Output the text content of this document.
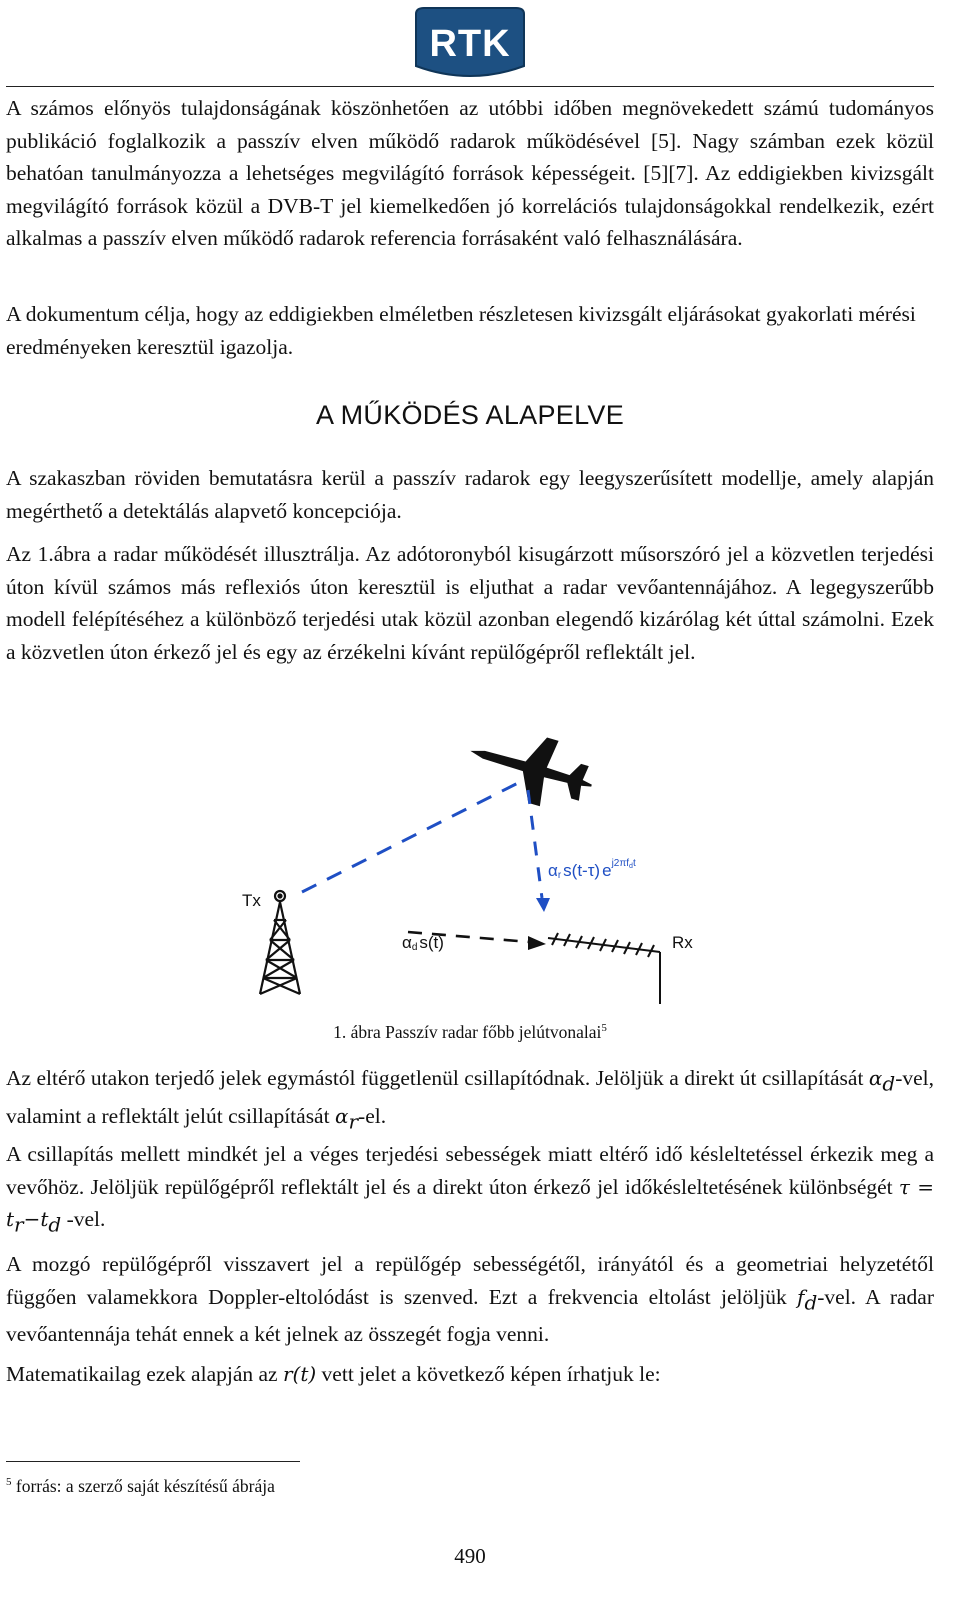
RTK

A számos előnyös tulajdonságának köszönhetően az utóbbi időben megnövekedett számú tudományos publikáció foglalkozik a passzív elven működő radarok működésével [5]. Nagy számban ezek közül behatóan tanulmányozza a lehetséges megvilágító források képességeit. [5][7]. Az eddigiekben kivizsgált megvilágító források közül a DVB-T jel kiemelkedően jó korrelációs tulajdonságokkal rendelkezik, ezért alkalmas a passzív elven működő radarok referencia forrásaként való felhasználására.

A dokumentum célja, hogy az eddigiekben elméletben részletesen kivizsgált eljárásokat gyakorlati mérési eredményeken keresztül igazolja.

A MŰKÖDÉS ALAPELVE

A szakaszban röviden bemutatásra kerül a passzív radarok egy leegyszerűsített modellje, amely alapján megérthető a detektálás alapvető koncepciója.

Az 1.ábra a radar működését illusztrálja. Az adótoronyból kisugárzott műsorszóró jel a közvetlen terjedési úton kívül számos más reflexiós úton keresztül is eljuthat a radar vevőantennájához. A legegyszerűbb modell felépítéséhez a különböző terjedési utak közül azonban elegendő kizárólag két úttal számolni. Ezek a közvetlen úton érkező jel és egy az érzékelni kívánt repülőgépről reflektált jel.

Tx
Rx
αd s(t)
αr s(t-τ) $e^{j2\pi f}dt$
1. ábra Passzív radar főbb jelútvonalai$^5$

Az eltérő utakon terjedő jelek egymástól függetlenül csillapítódnak. Jelöljük a direkt út csillapítását $\alpha_d$-vel, valamint a reflektált jelút csillapítását $\alpha_r-el$.

A csillapítás mellett mindkét jel a véges terjedési sebességek miatt eltérő idő késleltetéssel érkezik meg a vevőhöz. Jelöljük repülőgépről reflektált jel és a direkt úton érkező jel időkésleltetésének különbségét $\tau = t_r-t_d$ -vel.

A mozgó repülőgépről visszavert jel a repülőgép sebességétől, irányától és a geometriai helyzetétől függően valamekkora Doppler-eltolódást is szenved. Ezt a frekvencia eltolást jelöljük $f_d$-vel. A radar vevőantennája tehát ennek a két jelnek az összegét fogja venni.

Matematikailag ezek alapján az r(t) vett jelet a következő képen írhatjuk le:

$^5$ forrás: a szerző saját készítésű ábrája
490
